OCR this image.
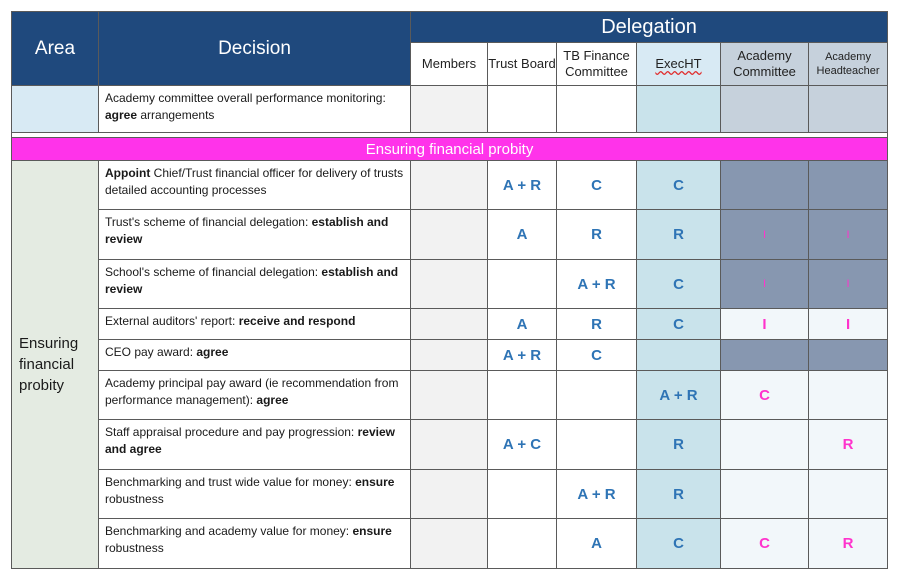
Area	Decision	Delegation					
		Members	Trust Board	TB Finance Committee	ExecHT	Academy Committee	Academy Headteacher

	Academy committee overall performance monitoring: agree arrangements						

Ensuring financial probity							

Ensuring financial probity	Appoint Chief/Trust financial officer for delivery of trusts detailed accounting processes		A + R	C	C		

	Trust's scheme of financial delegation: establish and review		A	R	R	I	I

	School's scheme of financial delegation: establish and review			A + R	C	I	I

	External auditors' report: receive and respond		A	R	C	I	I

	CEO pay award: agree		A + R	C			

	Academy principal pay award (ie recommendation from performance management): agree				A + R	C	

	Staff appraisal procedure and pay progression: review and agree		A + C		R		R

	Benchmarking and trust wide value for money: ensure robustness			A + R	R		

	Benchmarking and academy value for money: ensure robustness			A	C	C	R
